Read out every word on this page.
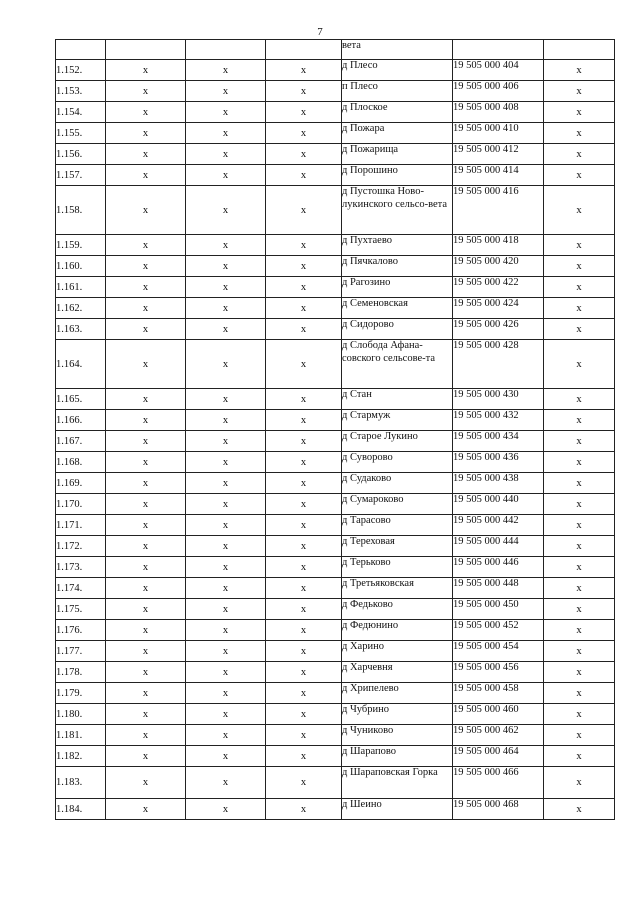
7
				вета		
1.152.	х	х	х	д Плесо	19 505 000 404	х
1.153.	х	х	х	п Плесо	19 505 000 406	х
1.154.	х	х	х	д Плоское	19 505 000 408	х
1.155.	х	х	х	д Пожара	19 505 000 410	х
1.156.	х	х	х	д Пожарища	19 505 000 412	х
1.157.	х	х	х	д Порошино	19 505 000 414	х
1.158.	х	х	х	д Пустошка Ново-лукинского сельсо-вета	19 505 000 416	х
1.159.	х	х	х	д Пухтаево	19 505 000 418	х
1.160.	х	х	х	д Пячкалово	19 505 000 420	х
1.161.	х	х	х	д Рагозино	19 505 000 422	х
1.162.	х	х	х	д Семеновская	19 505 000 424	х
1.163.	х	х	х	д Сидорово	19 505 000 426	х
1.164.	х	х	х	д Слобода Афана-совского сельсове-та	19 505 000 428	х
1.165.	х	х	х	д Стан	19 505 000 430	х
1.166.	х	х	х	д Стармуж	19 505 000 432	х
1.167.	х	х	х	д Старое Лукино	19 505 000 434	х
1.168.	х	х	х	д Суворово	19 505 000 436	х
1.169.	х	х	х	д Судаково	19 505 000 438	х
1.170.	х	х	х	д Сумароково	19 505 000 440	х
1.171.	х	х	х	д Тарасово	19 505 000 442	х
1.172.	х	х	х	д Тереховая	19 505 000 444	х
1.173.	х	х	х	д Терьково	19 505 000 446	х
1.174.	х	х	х	д Третьяковская	19 505 000 448	х
1.175.	х	х	х	д Федьково	19 505 000 450	х
1.176.	х	х	х	д Федюнино	19 505 000 452	х
1.177.	х	х	х	д Харино	19 505 000 454	х
1.178.	х	х	х	д Харчевня	19 505 000 456	х
1.179.	х	х	х	д Хрипелево	19 505 000 458	х
1.180.	х	х	х	д Чубрино	19 505 000 460	х
1.181.	х	х	х	д Чуниково	19 505 000 462	х
1.182.	х	х	х	д Шарапово	19 505 000 464	х
1.183.	х	х	х	д Шараповская Горка	19 505 000 466	х
1.184.	х	х	х	д Шеино	19 505 000 468	х
